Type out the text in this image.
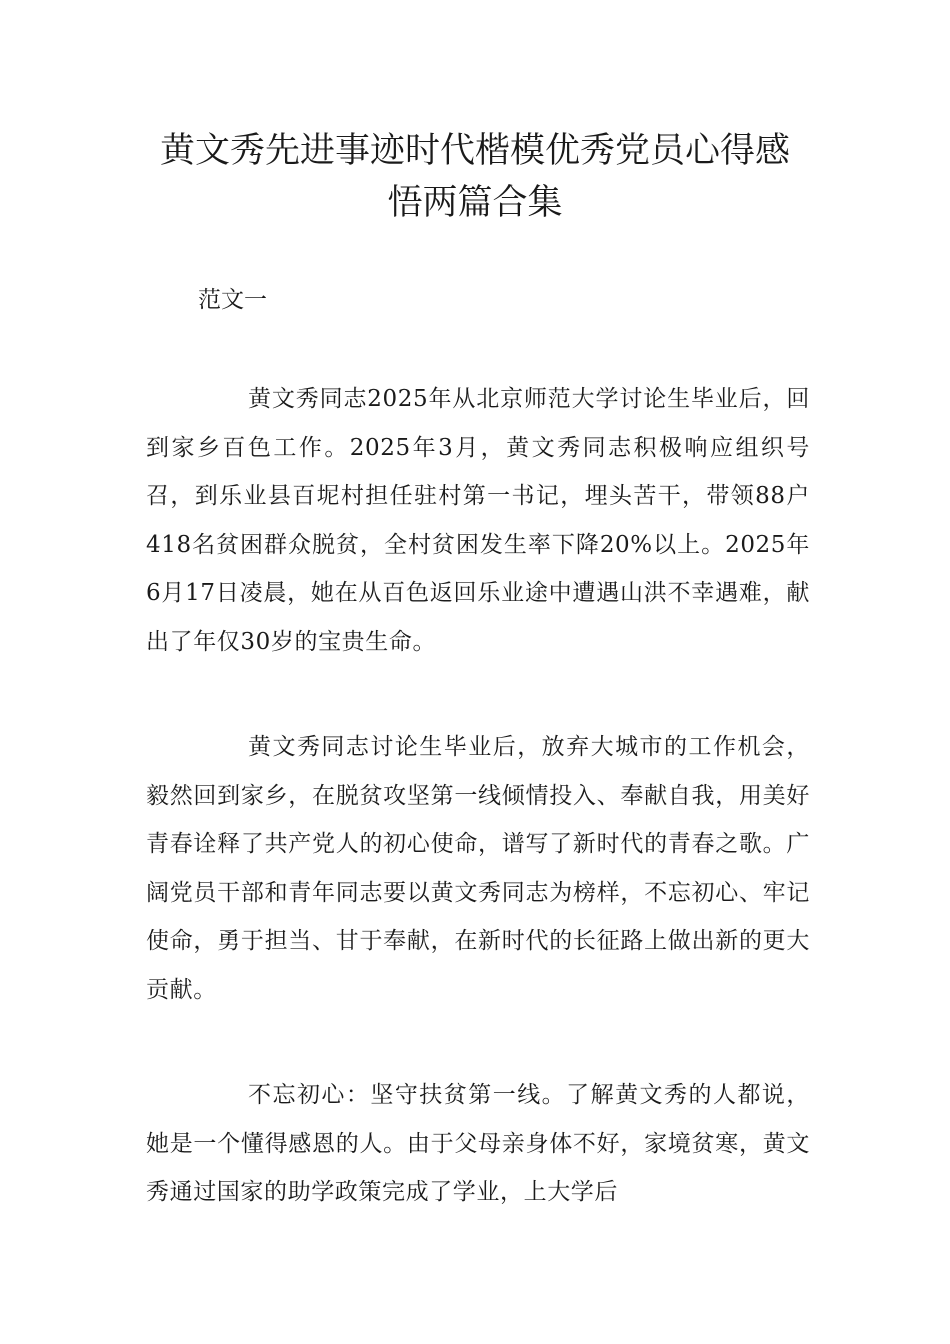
黄文秀先进事迹时代楷模优秀党员心得感
悟两篇合集

范文一

黄文秀同志2025年从北京师范大学讨论生毕业后，回到家乡百色工作。2025年3月，黄文秀同志积极响应组织号召，到乐业县百坭村担任驻村第一书记，埋头苦干，带领88户418名贫困群众脱贫，全村贫困发生率下降20%以上。2025年6月17日凌晨，她在从百色返回乐业途中遭遇山洪不幸遇难，献出了年仅30岁的宝贵生命。

黄文秀同志讨论生毕业后，放弃大城市的工作机会，毅然回到家乡，在脱贫攻坚第一线倾情投入、奉献自我，用美好青春诠释了共产党人的初心使命，谱写了新时代的青春之歌。广阔党员干部和青年同志要以黄文秀同志为榜样，不忘初心、牢记使命，勇于担当、甘于奉献，在新时代的长征路上做出新的更大贡献。

不忘初心：坚守扶贫第一线。了解黄文秀的人都说，她是一个懂得感恩的人。由于父母亲身体不好，家境贫寒，黄文秀通过国家的助学政策完成了学业，上大学后
